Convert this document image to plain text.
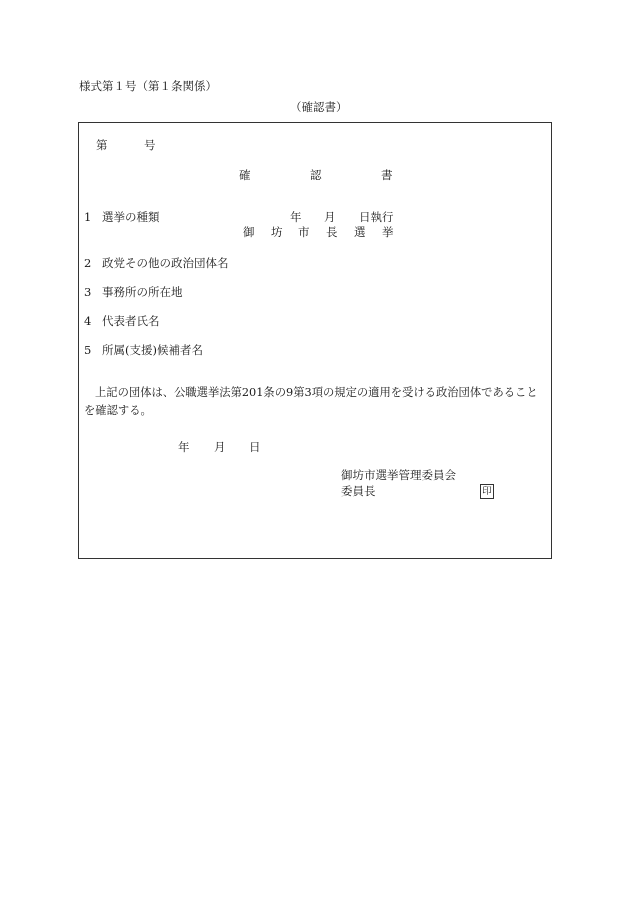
様式第１号（第１条関係）
（確認書）
第	号
確	認	書
1 選挙の種類	年 月 日執行
御 坊 市 長 選 挙
2 政党その他の政治団体名
3 事務所の所在地
4 代表者氏名
5 所属(支援)候補者名
上記の団体は、公職選挙法第201条の9第3項の規定の適用を受ける政治団体であること
を確認する。
年 月 日
御坊市選挙管理委員会
委員長	印
